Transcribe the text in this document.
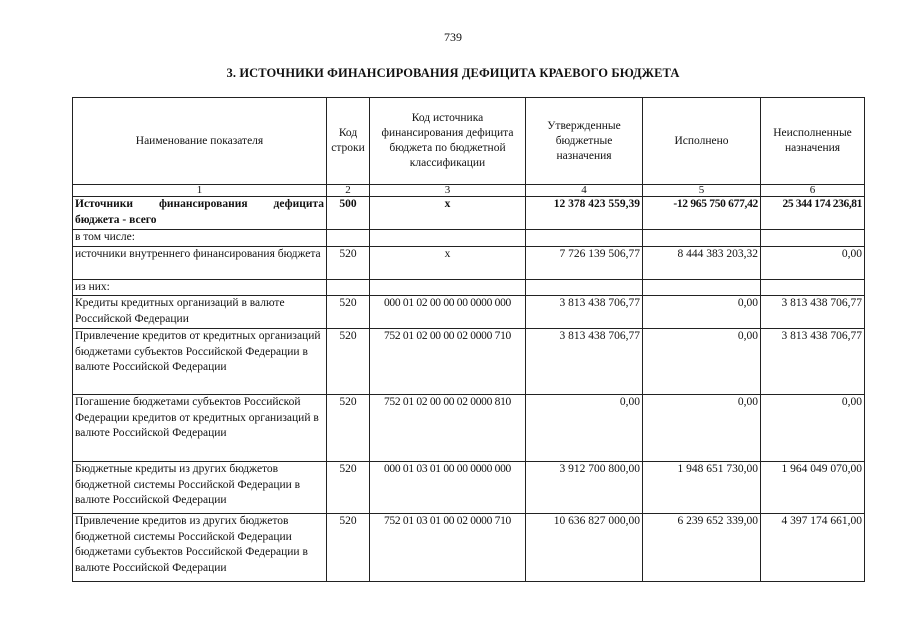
739
3. ИСТОЧНИКИ ФИНАНСИРОВАНИЯ ДЕФИЦИТА КРАЕВОГО БЮДЖЕТА
Наименование показателя	Код строки	Код источника финансирования дефицита бюджета по бюджетной классификации	Утвержденные бюджетные назначения	Исполнено	Неисполненные назначения
1	2	3	4	5	6
Источники финансирования дефицита бюджета - всего	500	x	12 378 423 559,39	-12 965 750 677,42	25 344 174 236,81
в том числе:					
источники внутреннего финансирования бюджета	520	x	7 726 139 506,77	8 444 383 203,32	0,00
из них:					
Кредиты кредитных организаций в валюте Российской Федерации	520	000 01 02 00 00 00 0000 000	3 813 438 706,77	0,00	3 813 438 706,77
Привлечение кредитов от кредитных организаций бюджетами субъектов Российской Федерации в валюте Российской Федерации	520	752 01 02 00 00 02 0000 710	3 813 438 706,77	0,00	3 813 438 706,77
Погашение бюджетами субъектов Российской Федерации кредитов от кредитных организаций в валюте Российской Федерации	520	752 01 02 00 00 02 0000 810	0,00	0,00	0,00
Бюджетные кредиты из других бюджетов бюджетной системы Российской Федерации в валюте Российской Федерации	520	000 01 03 01 00 00 0000 000	3 912 700 800,00	1 948 651 730,00	1 964 049 070,00
Привлечение кредитов из других бюджетов бюджетной системы Российской Федерации бюджетами субъектов Российской Федерации в валюте Российской Федерации	520	752 01 03 01 00 02 0000 710	10 636 827 000,00	6 239 652 339,00	4 397 174 661,00
